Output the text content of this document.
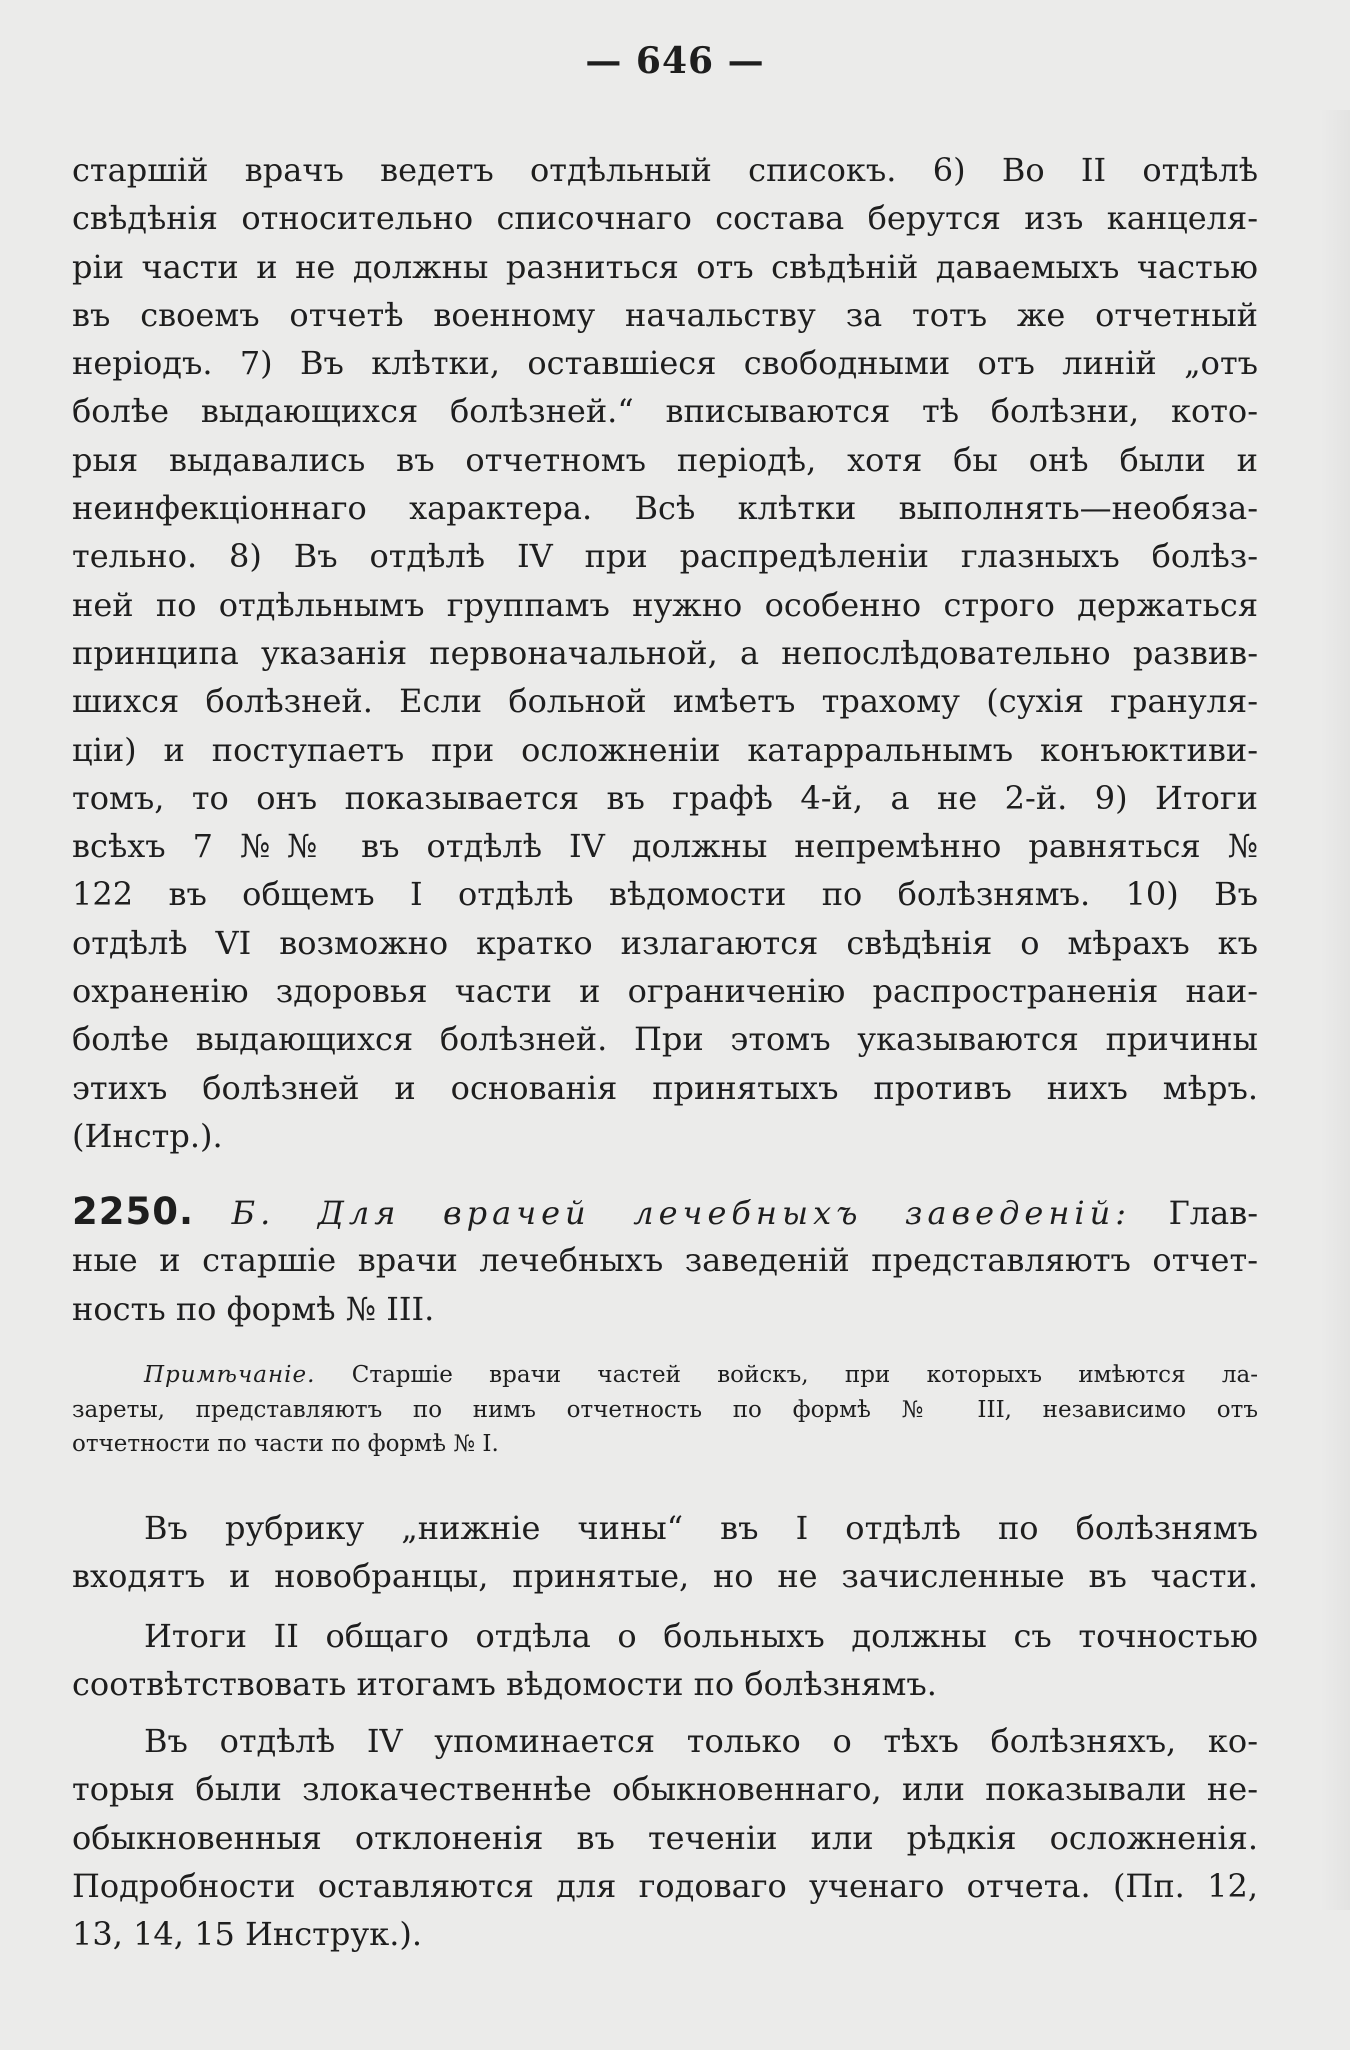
— 646 —
старшій врачъ ведетъ отдѣльный списокъ. 6) Во II отдѣлѣ
свѣдѣнія относительно списочнаго состава берутся изъ канцеля-
ріи части и не должны разниться отъ свѣдѣній даваемыхъ частью
въ своемъ отчетѣ военному начальству за тотъ же отчетный
неріодъ. 7) Въ клѣтки, оставшіеся свободными отъ линій „отъ
болѣе выдающихся болѣзней.“ вписываются тѣ болѣзни, кото-
рыя выдавались въ отчетномъ періодѣ, хотя бы онѣ были и
неинфекціоннаго характера. Всѣ клѣтки выполнять—необяза-
тельно. 8) Въ отдѣлѣ IV при распредѣленіи глазныхъ болѣз-
ней по отдѣльнымъ группамъ нужно особенно строго держаться
принципа указанія первоначальной, а непослѣдовательно развив-
шихся болѣзней. Если больной имѣетъ трахому (сухія грануля-
ціи) и поступаетъ при осложненіи катарральнымъ конъюктиви-
томъ, то онъ показывается въ графѣ 4-й, а не 2-й. 9) Итоги
всѣхъ 7 №№ въ отдѣлѣ IV должны непремѣнно равняться №
122 въ общемъ I отдѣлѣ вѣдомости по болѣзнямъ. 10) Въ
отдѣлѣ VI возможно кратко излагаются свѣдѣнія о мѣрахъ къ
охраненію здоровья части и ограниченію распространенія наи-
болѣе выдающихся болѣзней. При этомъ указываются причины
этихъ болѣзней и основанія принятыхъ противъ нихъ мѣръ.
(Инстр.).
2250. Б. Для врачей лечебныхъ заведеній: Глав-
ные и старшіе врачи лечебныхъ заведеній представляютъ отчет-
ность по формѣ № III.
Примѣчаніе. Старшіе врачи частей войскъ, при которыхъ имѣются ла-
зареты, представляютъ по нимъ отчетность по формѣ № III, независимо отъ
отчетности по части по формѣ № I.
Въ рубрику „нижніе чины“ въ I отдѣлѣ по болѣзнямъ
входятъ и новобранцы, принятые, но не зачисленные въ части.
Итоги II общаго отдѣла о больныхъ должны съ точностью
соотвѣтствовать итогамъ вѣдомости по болѣзнямъ.
Въ отдѣлѣ IV упоминается только о тѣхъ болѣзняхъ, ко-
торыя были злокачественнѣе обыкновеннаго, или показывали не-
обыкновенныя отклоненія въ теченіи или рѣдкія осложненія.
Подробности оставляются для годоваго ученаго отчета. (Пп. 12,
13, 14, 15 Инструк.).
